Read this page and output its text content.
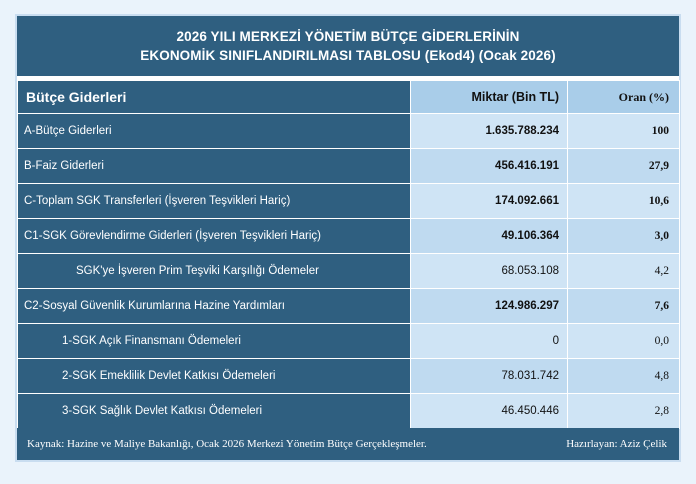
2026 YILI MERKEZİ YÖNETİM BÜTÇE GİDERLERİNİN
EKONOMİK SINIFLANDIRILMASI TABLOSU (Ekod4) (Ocak 2026)
Bütçe Giderleri	Miktar (Bin TL)	Oran (%)
A-Bütçe Giderleri	1.635.788.234	100
B-Faiz Giderleri	456.416.191	27,9
C-Toplam SGK Transferleri (İşveren Teşvikleri Hariç)	174.092.661	10,6
C1-SGK Görevlendirme Giderleri (İşveren Teşvikleri Hariç)	49.106.364	3,0
SGK'ye İşveren Prim Teşviki Karşılığı Ödemeler	68.053.108	4,2
C2-Sosyal Güvenlik Kurumlarına Hazine Yardımları	124.986.297	7,6
1-SGK Açık Finansmanı Ödemeleri	0	0,0
2-SGK Emeklilik Devlet Katkısı Ödemeleri	78.031.742	4,8
3-SGK Sağlık Devlet Katkısı Ödemeleri	46.450.446	2,8
Kaynak: Hazine ve Maliye Bakanlığı, Ocak 2026 Merkezi Yönetim Bütçe Gerçekleşmeler.	Hazırlayan: Aziz Çelik
